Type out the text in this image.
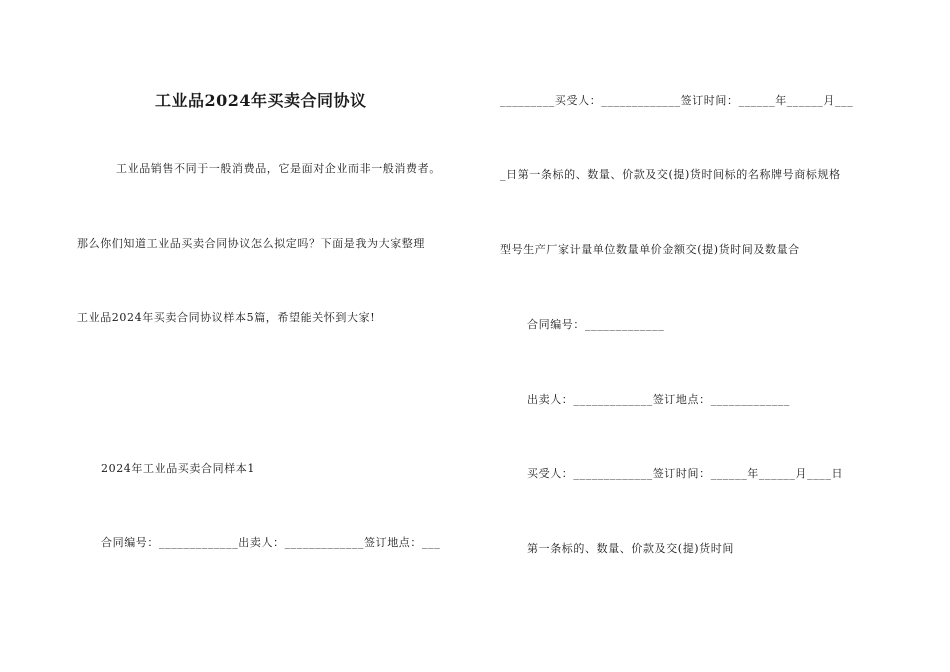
工业品2024年买卖合同协议
工业品销售不同于一般消费品，它是面对企业而非一般消费者。
那么你们知道工业品买卖合同协议怎么拟定吗？下面是我为大家整理
工业品2024年买卖合同协议样本5篇，希望能关怀到大家!
2024年工业品买卖合同样本1
合同编号：_____________出卖人：_____________签订地点：___
_________买受人：_____________签订时间：______年______月___
_日第一条标的、数量、价款及交(提)货时间标的名称牌号商标规格
型号生产厂家计量单位数量单价金额交(提)货时间及数量合
合同编号：_____________
出卖人：_____________签订地点：_____________
买受人：_____________签订时间：______年______月____日
第一条标的、数量、价款及交(提)货时间
